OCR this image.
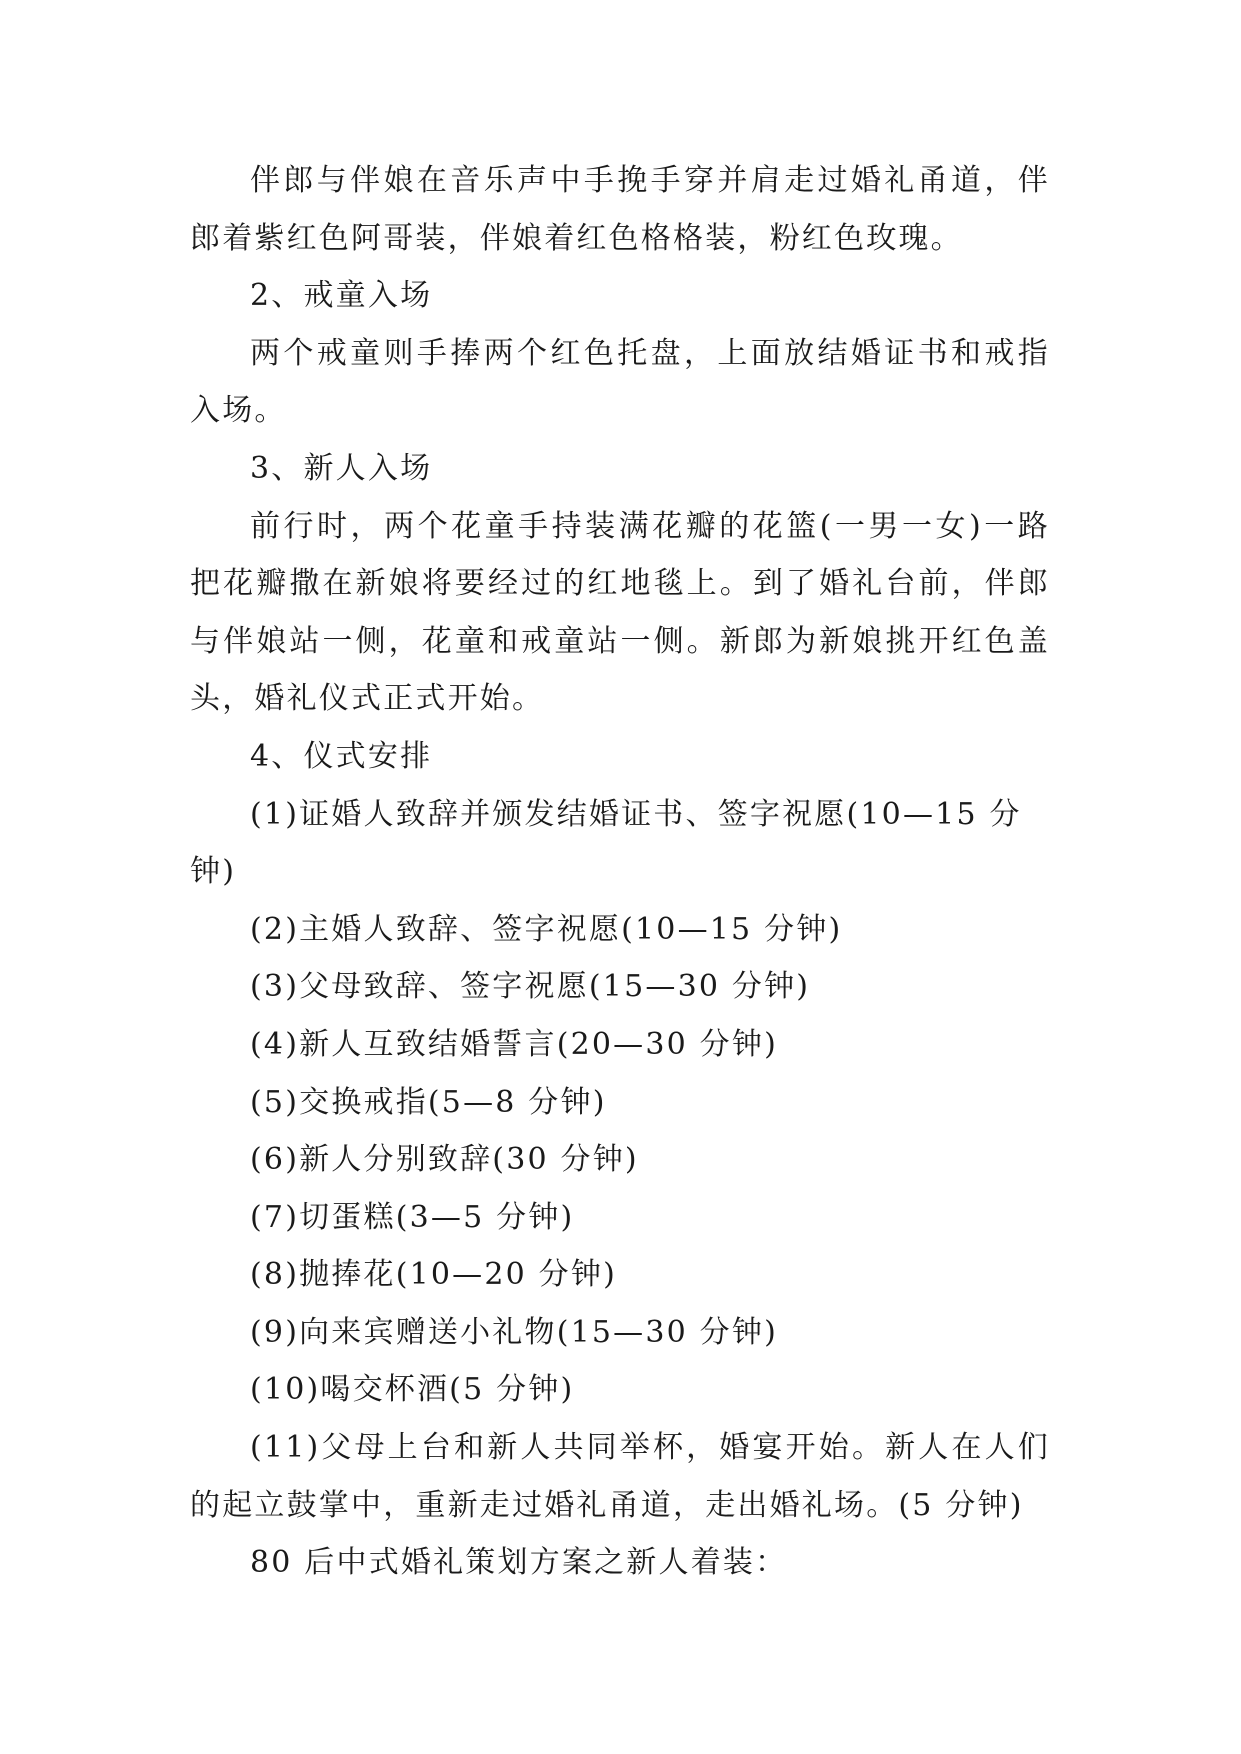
伴郎与伴娘在音乐声中手挽手穿并肩走过婚礼甬道，伴郎着紫红色阿哥装，伴娘着红色格格装，粉红色玫瑰。

2、戒童入场

两个戒童则手捧两个红色托盘，上面放结婚证书和戒指入场。

3、新人入场

前行时，两个花童手持装满花瓣的花篮(一男一女)一路把花瓣撒在新娘将要经过的红地毯上。到了婚礼台前，伴郎与伴娘站一侧，花童和戒童站一侧。新郎为新娘挑开红色盖头，婚礼仪式正式开始。

4、仪式安排

(1)证婚人致辞并颁发结婚证书、签字祝愿(10—15 分钟)

(2)主婚人致辞、签字祝愿(10—15 分钟)

(3)父母致辞、签字祝愿(15—30 分钟)

(4)新人互致结婚誓言(20—30 分钟)

(5)交换戒指(5—8 分钟)

(6)新人分别致辞(30 分钟)

(7)切蛋糕(3—5 分钟)

(8)抛捧花(10—20 分钟)

(9)向来宾赠送小礼物(15—30 分钟)

(10)喝交杯酒(5 分钟)

(11)父母上台和新人共同举杯，婚宴开始。新人在人们的起立鼓掌中，重新走过婚礼甬道，走出婚礼场。(5 分钟)

80 后中式婚礼策划方案之新人着装：
